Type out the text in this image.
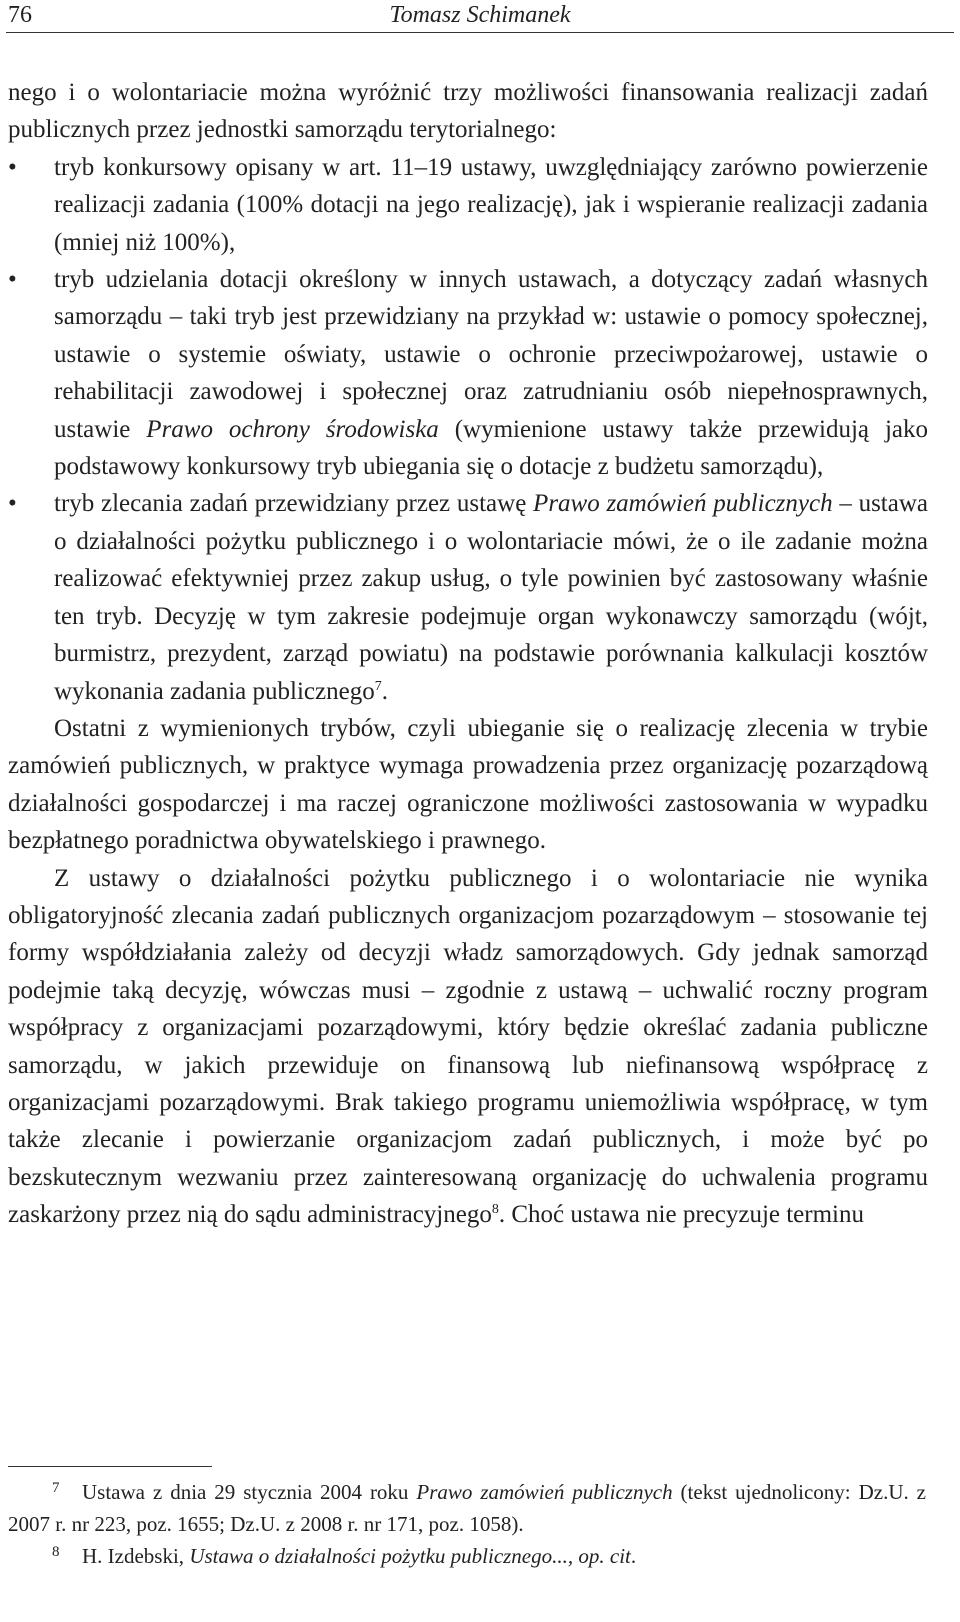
76	Tomasz Schimanek

nego i o wolontariacie można wyróżnić trzy możliwości finansowania realizacji zadań publicznych przez jednostki samorządu terytorialnego:

• tryb konkursowy opisany w art. 11–19 ustawy, uwzględniający zarówno powierzenie realizacji zadania (100% dotacji na jego realizację), jak i wspieranie realizacji zadania (mniej niż 100%),
• tryb udzielania dotacji określony w innych ustawach, a dotyczący zadań własnych samorządu – taki tryb jest przewidziany na przykład w: ustawie o pomocy społecznej, ustawie o systemie oświaty, ustawie o ochronie przeciwpożarowej, ustawie o rehabilitacji zawodowej i społecznej oraz zatrudnianiu osób niepełnosprawnych, ustawie Prawo ochrony środowiska (wymienione ustawy także przewidują jako podstawowy konkursowy tryb ubiegania się o dotacje z budżetu samorządu),
• tryb zlecania zadań przewidziany przez ustawę Prawo zamówień publicznych – ustawa o działalności pożytku publicznego i o wolontariacie mówi, że o ile zadanie można realizować efektywniej przez zakup usług, o tyle powinien być zastosowany właśnie ten tryb. Decyzję w tym zakresie podejmuje organ wykonawczy samorządu (wójt, burmistrz, prezydent, zarząd powiatu) na podstawie porównania kalkulacji kosztów wykonania zadania publicznego$^7$.

Ostatni z wymienionych trybów, czyli ubieganie się o realizację zlecenia w trybie zamówień publicznych, w praktyce wymaga prowadzenia przez organizację pozarządową działalności gospodarczej i ma raczej ograniczone możliwości zastosowania w wypadku bezpłatnego poradnictwa obywatelskiego i prawnego.

Z ustawy o działalności pożytku publicznego i o wolontariacie nie wynika obligatoryjność zlecania zadań publicznych organizacjom pozarządowym – stosowanie tej formy współdziałania zależy od decyzji władz samorządowych. Gdy jednak samorząd podejmie taką decyzję, wówczas musi – zgodnie z ustawą – uchwalić roczny program współpracy z organizacjami pozarządowymi, który będzie określać zadania publiczne samorządu, w jakich przewiduje on finansową lub niefinansową współpracę z organizacjami pozarządowymi. Brak takiego programu uniemożliwia współpracę, w tym także zlecanie i powierzanie organizacjom zadań publicznych, i może być po bezskutecznym wezwaniu przez zainteresowaną organizację do uchwalenia programu zaskarżony przez nią do sądu administracyjnego$^8$. Choć ustawa nie precyzuje terminu

7 Ustawa z dnia 29 stycznia 2004 roku Prawo zamówień publicznych (tekst ujednolicony: Dz.U. z 2007 r. nr 223, poz. 1655; Dz.U. z 2008 r. nr 171, poz. 1058).

8 H. Izdebski, Ustawa o działalności pożytku publicznego..., op. cit.
